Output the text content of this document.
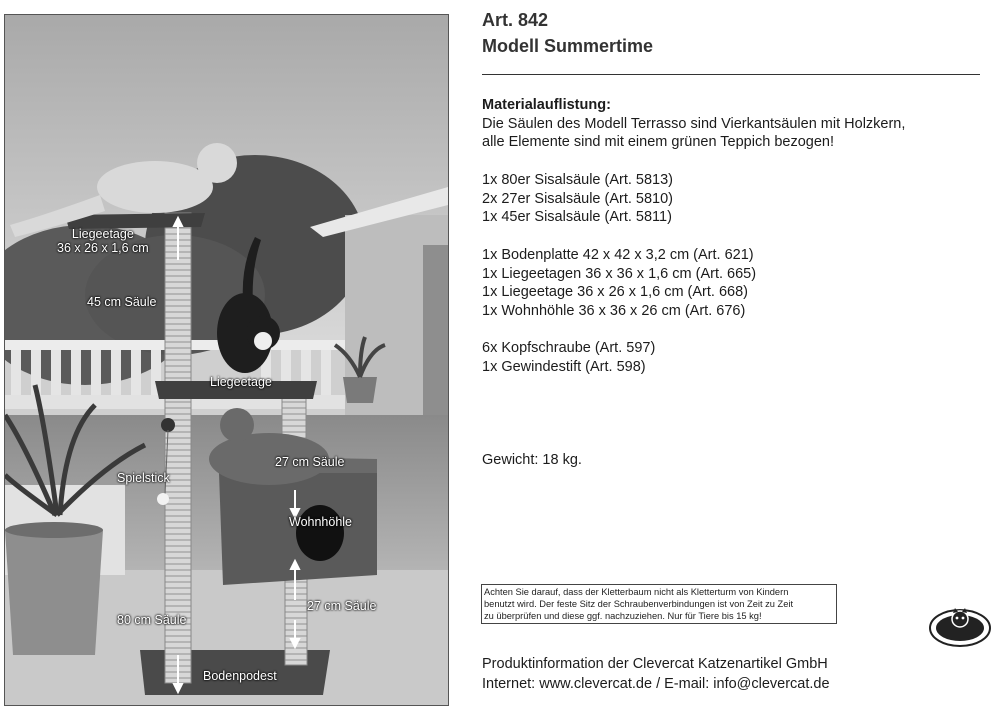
Liegeetage
36 x 26 x 1,6 cm
45 cm Säule
Liegeetage
27 cm Säule
Spielstick
Wohnhöhle
27 cm Säule
80 cm Säule
Bodenpodest
Art. 842
Modell Summertime
Materialauflistung:
Die Säulen des Modell Terrasso sind Vierkantsäulen mit Holzkern,
alle Elemente sind mit einem grünen Teppich bezogen!
1x 80er Sisalsäule (Art. 5813)
2x 27er Sisalsäule (Art. 5810)
1x 45er Sisalsäule (Art. 5811)
1x Bodenplatte 42 x 42 x 3,2 cm (Art. 621)
1x Liegeetagen 36 x 36 x 1,6 cm (Art. 665)
1x Liegeetage 36 x 26 x 1,6 cm (Art. 668)
1x Wohnhöhle 36 x 36 x 26 cm (Art. 676)
6x Kopfschraube (Art. 597)
1x Gewindestift (Art. 598)
Gewicht: 18 kg.
Achten Sie darauf, dass der Kletterbaum nicht als Kletterturm von Kindern
benutzt wird. Der feste Sitz der Schraubenverbindungen ist von Zeit zu Zeit
zu überprüfen und diese ggf. nachzuziehen. Nur für Tiere bis 15 kg!
Produktinformation der Clevercat Katzenartikel GmbH
Internet: www.clevercat.de / E-mail: info@clevercat.de
